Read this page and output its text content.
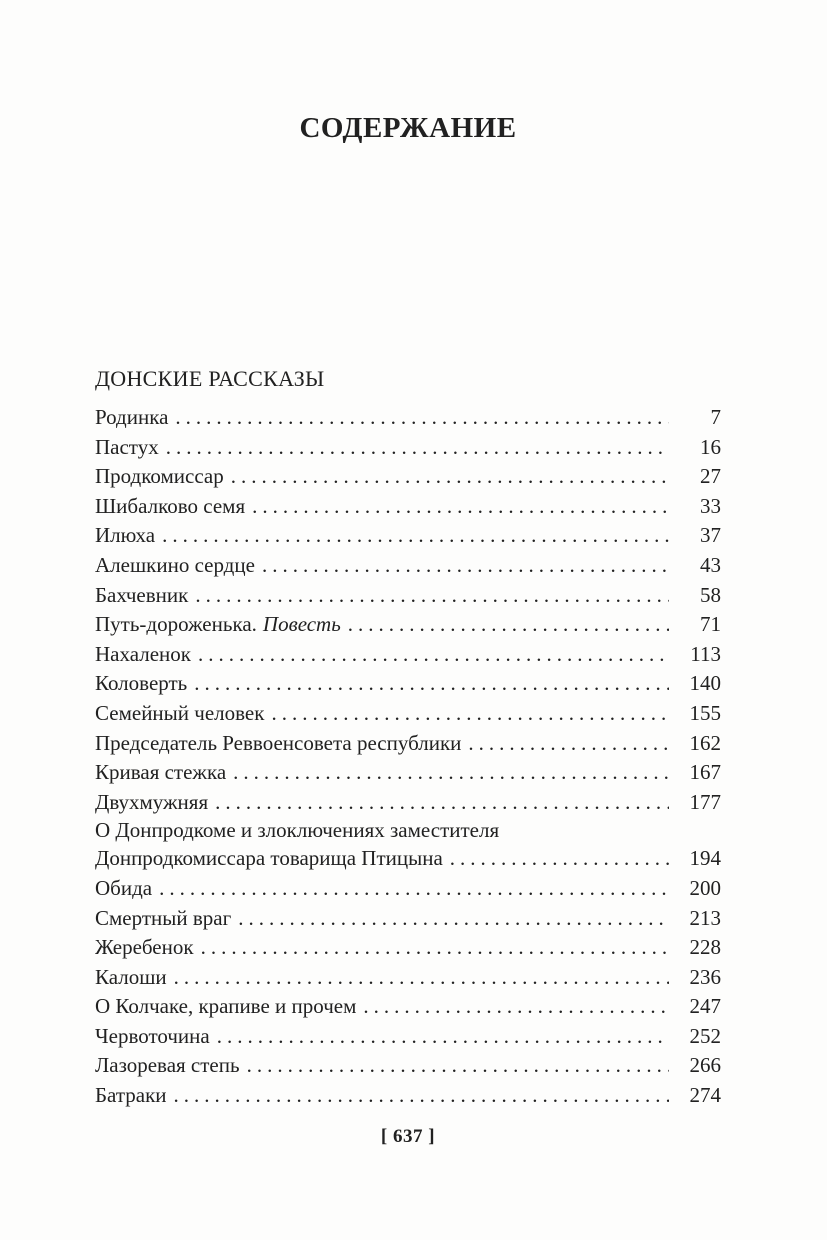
СОДЕРЖАНИЕ
ДОНСКИЕ РАССКАЗЫ
Родинка .....	7
Пастух .....	16
Продкомиссар .....	27
Шибалково семя .....	33
Илюха .....	37
Алешкино сердце .....	43
Бахчевник .....	58
Путь-дороженька. Повесть .....	71
Нахаленок .....	113
Коловерть .....	140
Семейный человек .....	155
Председатель Реввоенсовета республики .....	162
Кривая стежка .....	167
Двухмужняя .....	177
О Донпродкоме и злоключениях заместителя
Донпродкомиссара товарища Птицына .....	194
Обида .....	200
Смертный враг .....	213
Жеребенок .....	228
Калоши .....	236
О Колчаке, крапиве и прочем .....	247
Червоточина .....	252
Лазоревая степь .....	266
Батраки .....	274
[ 637 ]
